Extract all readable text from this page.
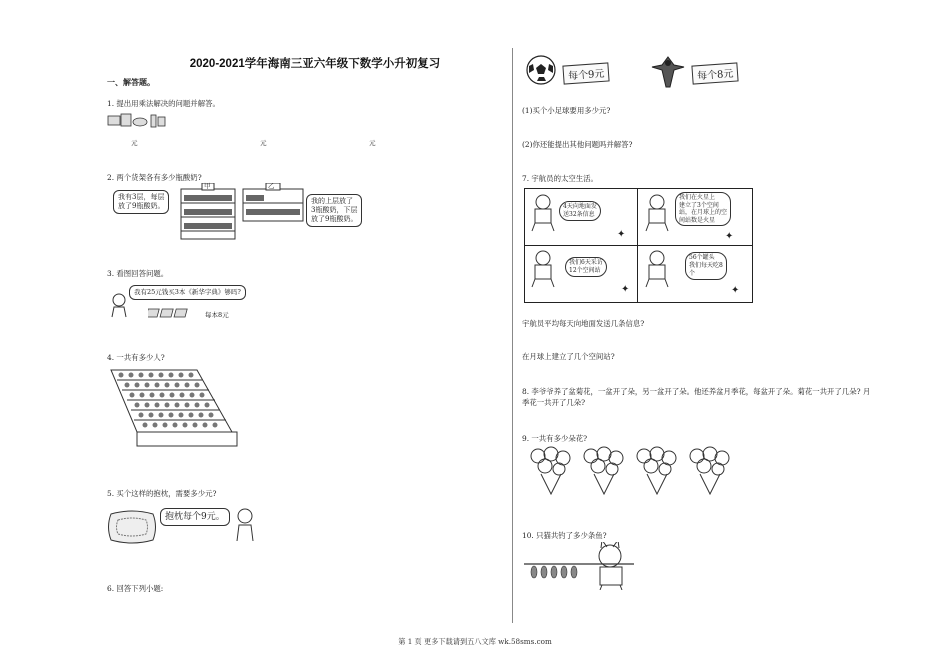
2020-2021学年海南三亚六年级下数学小升初复习
一、解答题。
1. 提出用乘法解决的问题并解答。
元	元	元
2. 两个货架各有多少瓶酸奶?
我有3层，每层
放了9瓶酸奶。
甲	乙
我的上层放了
3瓶酸奶，下层
放了9瓶酸奶。
3. 看图回答问题。
我有25元钱买3本《新华字典》够吗?
每本8元
4. 一共有多少人?
5. 买个这样的抱枕，需要多少元?
抱枕每个9元。
6. 回答下列小题:
每个9元	每个8元
(1)买个小足球要用多少元?
(2)你还能提出其他问题吗并解答?
7. 宇航员的太空生活。
4天向地面发
送32条信息
我们在火星上
建立了3个空间
站，在月球上的空
间站数是火星
我们6天采访
12个空间站
56个罐头
我们每天吃8
个
✦	✦
✦	✦
宇航员平均每天向地面发送几条信息?
在月球上建立了几个空间站?
8. 李爷爷养了盆菊花，一盆开了朵，另一盆开了朵。他还养盆月季花，每盆开了朵。菊花一共开了几朵? 月
季花一共开了几朵?
9. 一共有多少朵花?
10. 只猫共钓了多少条鱼?
第 1 页 更多下载请到五八文库 wk.58sms.com
